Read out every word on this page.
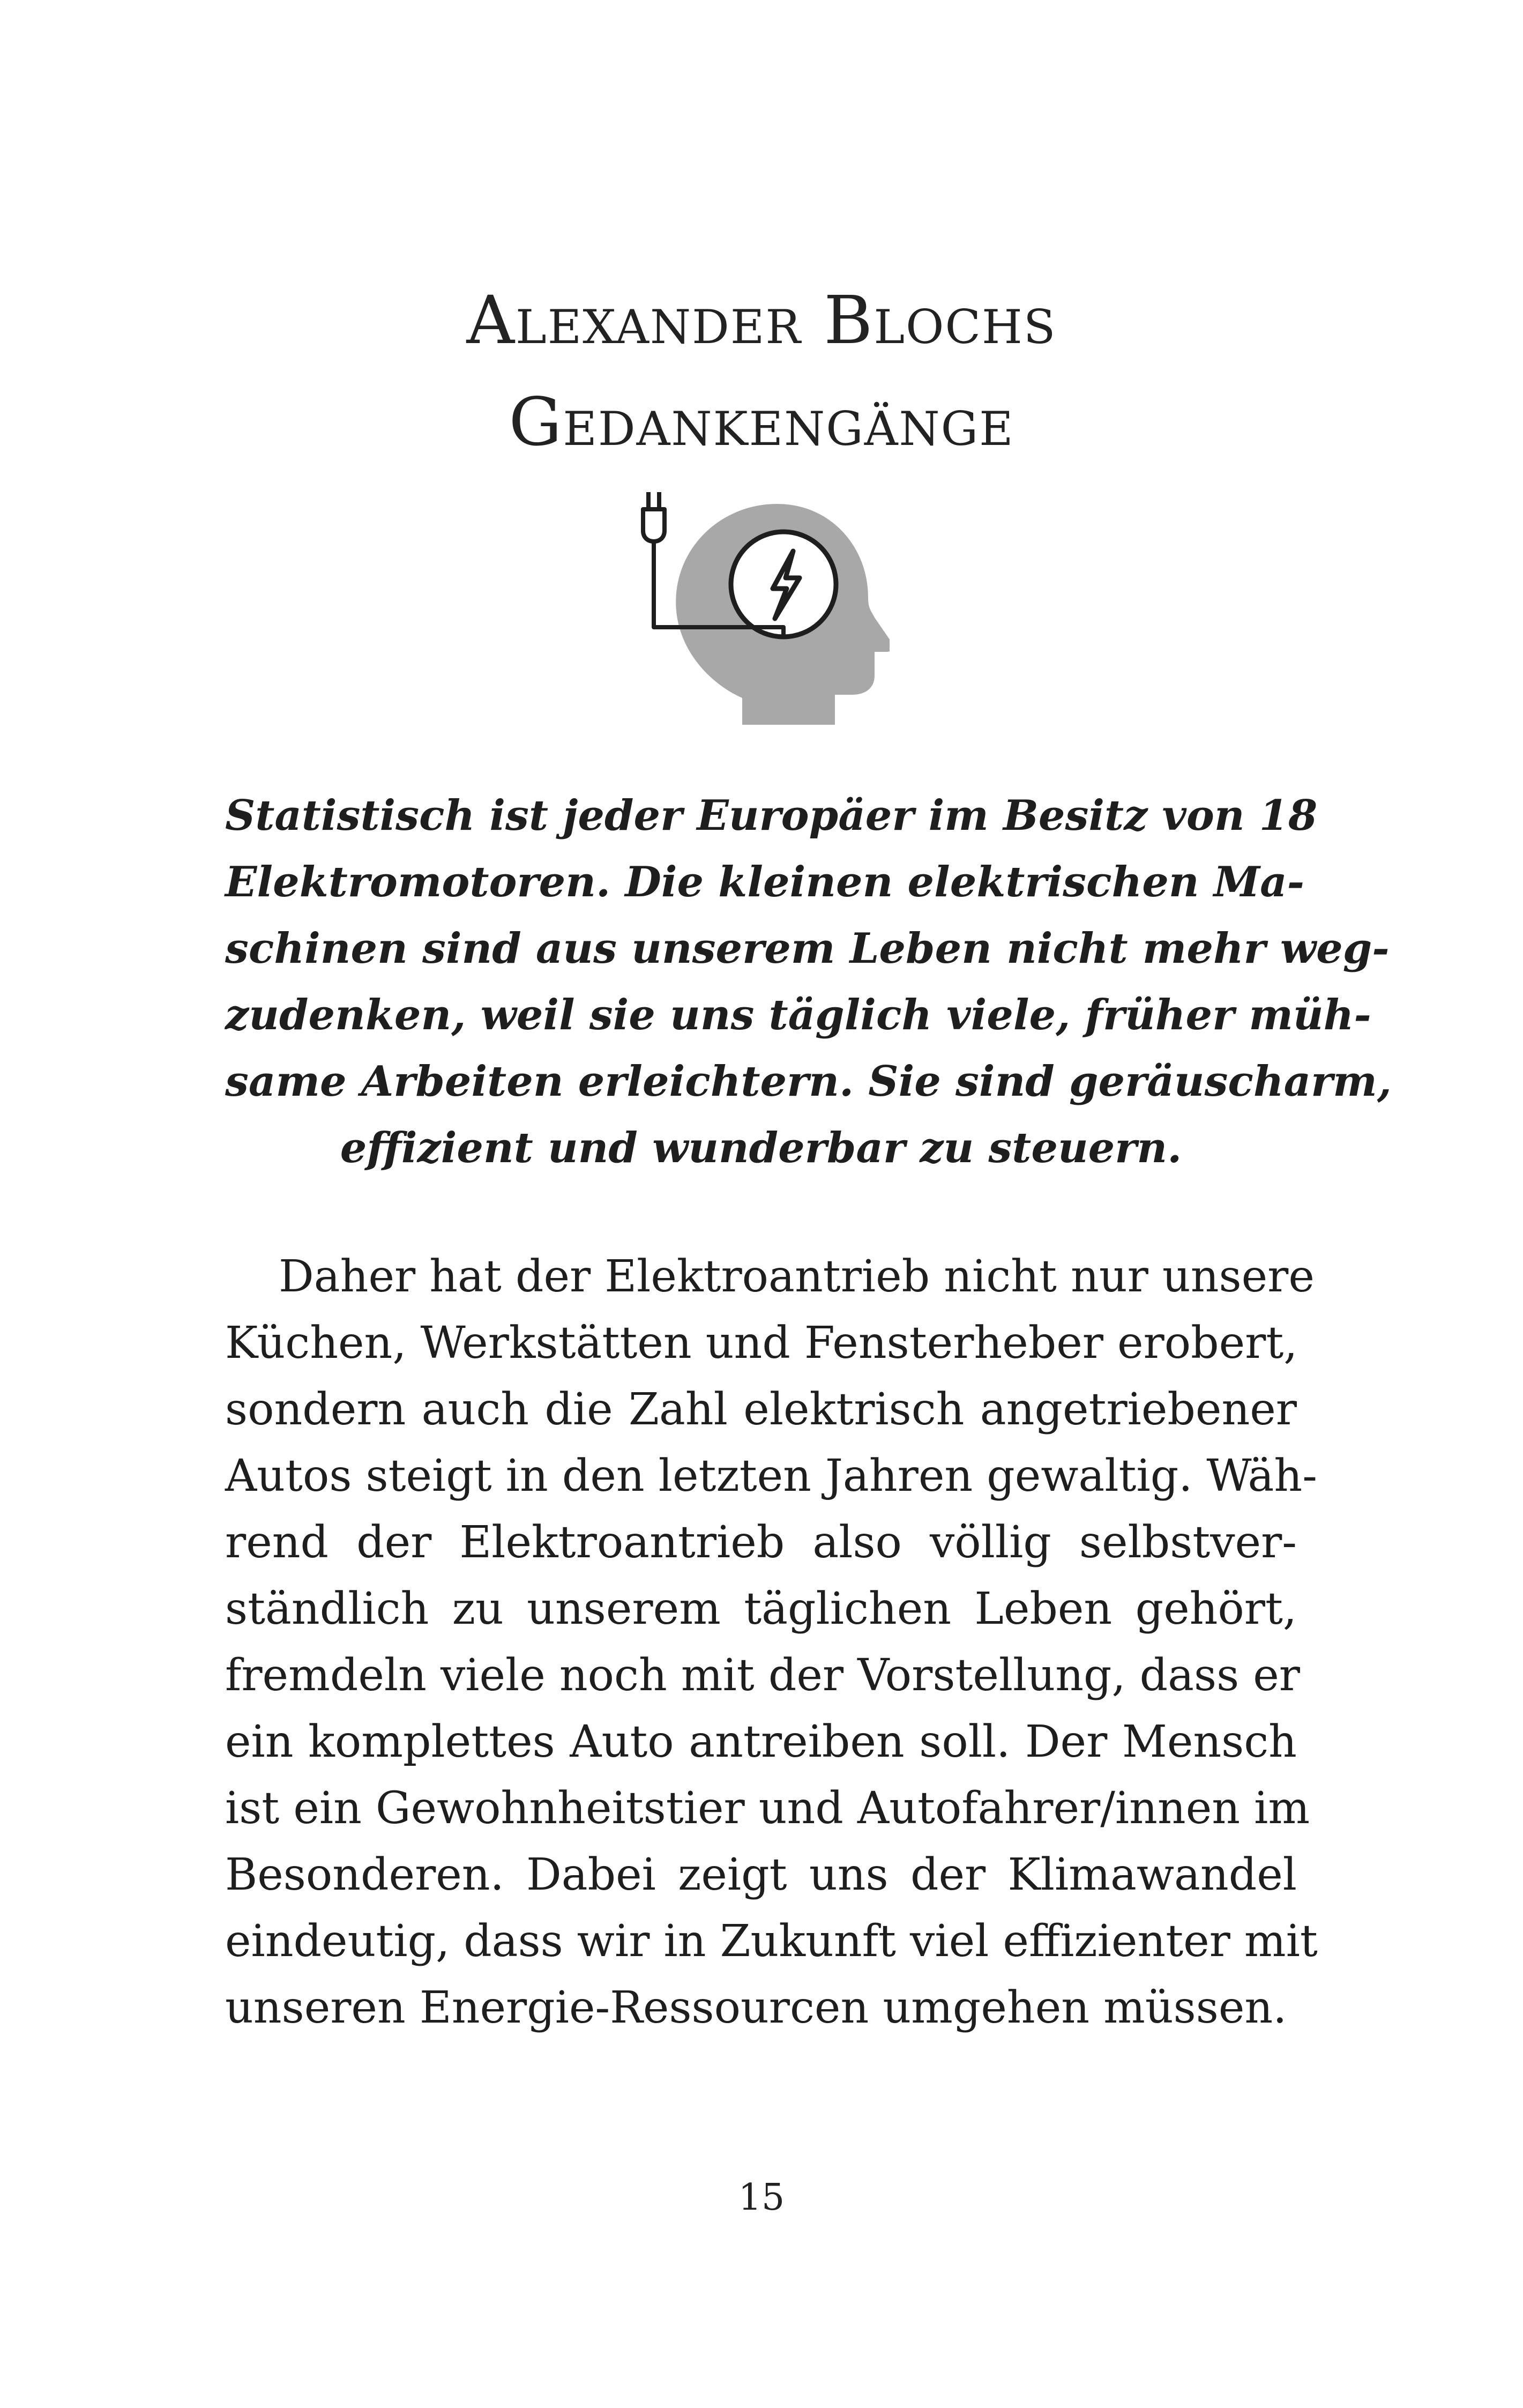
Alexander Blochs
Gedankengänge
Statistisch ist jeder Europäer im Besitz von 18
Elektromotoren. Die kleinen elektrischen Ma-
schinen sind aus unserem Leben nicht mehr weg-
zudenken, weil sie uns täglich viele, früher müh-
same Arbeiten erleichtern. Sie sind geräuscharm,
effizient und wunderbar zu steuern.
Daher hat der Elektroantrieb nicht nur unsere
Küchen, Werkstätten und Fensterheber erobert,
sondern auch die Zahl elektrisch angetriebener
Autos steigt in den letzten Jahren gewaltig. Wäh-
rend der Elektroantrieb also völlig selbstver-
ständlich zu unserem täglichen Leben gehört,
fremdeln viele noch mit der Vorstellung, dass er
ein komplettes Auto antreiben soll. Der Mensch
ist ein Gewohnheitstier und Autofahrer/innen im
Besonderen. Dabei zeigt uns der Klimawandel
eindeutig, dass wir in Zukunft viel effizienter mit
unseren Energie-Ressourcen umgehen müssen.
15
